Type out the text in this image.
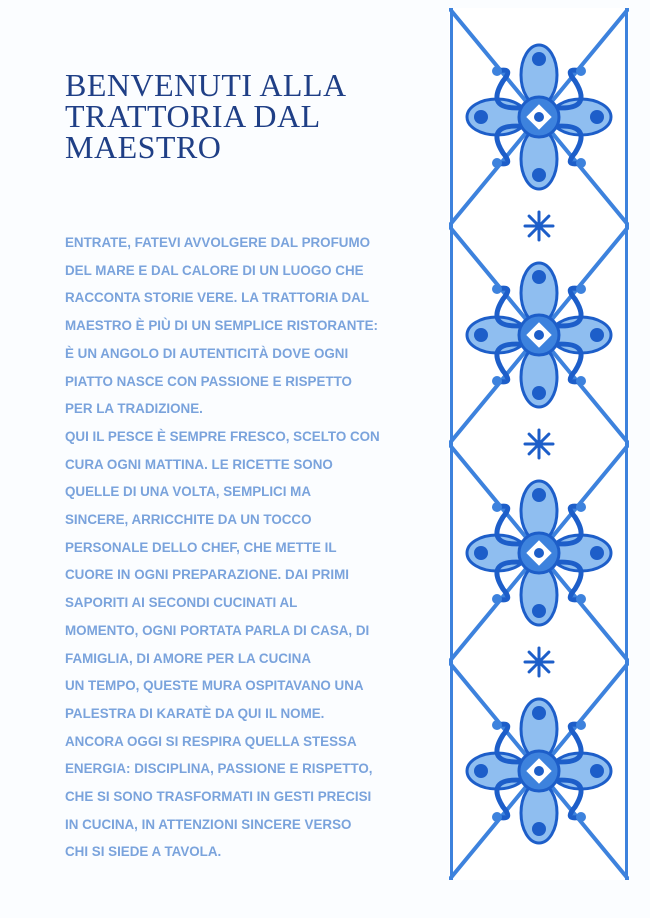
BENVENUTI ALLA
TRATTORIA DAL
MAESTRO
ENTRATE, FATEVI AVVOLGERE DAL PROFUMO
DEL MARE E DAL CALORE DI UN LUOGO CHE
RACCONTA STORIE VERE. LA TRATTORIA DAL
MAESTRO È PIÙ DI UN SEMPLICE RISTORANTE:
È UN ANGOLO DI AUTENTICITÀ DOVE OGNI
PIATTO NASCE CON PASSIONE E RISPETTO
PER LA TRADIZIONE.
QUI IL PESCE È SEMPRE FRESCO, SCELTO CON
CURA OGNI MATTINA. LE RICETTE SONO
QUELLE DI UNA VOLTA, SEMPLICI MA
SINCERE, ARRICCHITE DA UN TOCCO
PERSONALE DELLO CHEF, CHE METTE IL
CUORE IN OGNI PREPARAZIONE. DAI PRIMI
SAPORITI AI SECONDI CUCINATI AL
MOMENTO, OGNI PORTATA PARLA DI CASA, DI
FAMIGLIA, DI AMORE PER LA CUCINA
UN TEMPO, QUESTE MURA OSPITAVANO UNA
PALESTRA DI KARATÈ DA QUI IL NOME.
ANCORA OGGI SI RESPIRA QUELLA STESSA
ENERGIA: DISCIPLINA, PASSIONE E RISPETTO,
CHE SI SONO TRASFORMATI IN GESTI PRECISI
IN CUCINA, IN ATTENZIONI SINCERE VERSO
CHI SI SIEDE A TAVOLA.
